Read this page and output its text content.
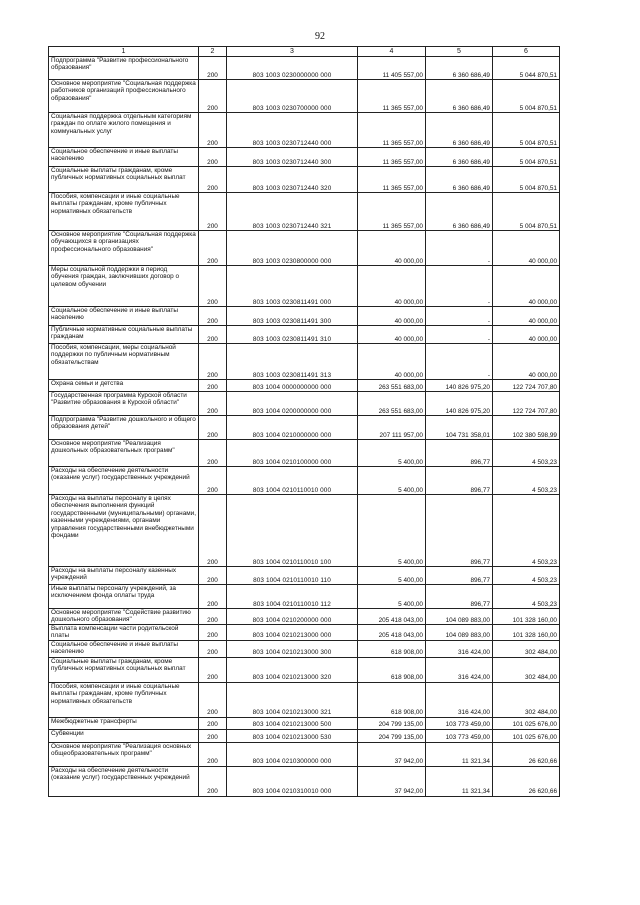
92
1	2	3	4	5	6
Подпрограмма "Развитие профессионального образования"	200	803 1003 0230000000 000	11 405 557,00	6 360 686,49	5 044 870,51
Основное мероприятие "Социальная поддержка работников организаций профессионального образования"	200	803 1003 0230700000 000	11 365 557,00	6 360 686,49	5 004 870,51
Социальная поддержка отдельным категориям граждан по оплате жилого помещения и коммунальных услуг	200	803 1003 0230712440 000	11 365 557,00	6 360 686,49	5 004 870,51
Социальное обеспечение и иные выплаты населению	200	803 1003 0230712440 300	11 365 557,00	6 360 686,49	5 004 870,51
Социальные выплаты гражданам, кроме публичных нормативных социальных выплат	200	803 1003 0230712440 320	11 365 557,00	6 360 686,49	5 004 870,51
Пособия, компенсации и иные социальные выплаты гражданам, кроме публичных нормативных обязательств	200	803 1003 0230712440 321	11 365 557,00	6 360 686,49	5 004 870,51
Основное мероприятие "Социальная поддержка обучающихся в организациях профессионального образования"	200	803 1003 0230800000 000	40 000,00	-	40 000,00
Меры социальной поддержки в период обучения граждан, заключивших договор о целевом обучении	200	803 1003 0230811491 000	40 000,00	-	40 000,00
Социальное обеспечение и иные выплаты населению	200	803 1003 0230811491 300	40 000,00	-	40 000,00
Публичные нормативные социальные выплаты гражданам	200	803 1003 0230811491 310	40 000,00	-	40 000,00
Пособия, компенсации, меры социальной поддержки по публичным нормативным обязательствам	200	803 1003 0230811491 313	40 000,00	-	40 000,00
Охрана семьи и детства	200	803 1004 0000000000 000	263 551 683,00	140 826 975,20	122 724 707,80
Государственная программа Курской области "Развитие образования в Курской области"	200	803 1004 0200000000 000	263 551 683,00	140 826 975,20	122 724 707,80
Подпрограмма "Развитие дошкольного и общего образования детей"	200	803 1004 0210000000 000	207 111 957,00	104 731 358,01	102 380 598,99
Основное мероприятие "Реализация дошкольных образовательных программ"	200	803 1004 0210100000 000	5 400,00	896,77	4 503,23
Расходы на обеспечение деятельности (оказание услуг) государственных учреждений	200	803 1004 0210110010 000	5 400,00	896,77	4 503,23
Расходы на выплаты персоналу в целях обеспечения выполнения функций государственными (муниципальными) органами, казенными учреждениями, органами управления государственными внебюджетными фондами	200	803 1004 0210110010 100	5 400,00	896,77	4 503,23
Расходы на выплаты персоналу казенных учреждений	200	803 1004 0210110010 110	5 400,00	896,77	4 503,23
Иные выплаты персоналу учреждений, за исключением фонда оплаты труда	200	803 1004 0210110010 112	5 400,00	896,77	4 503,23
Основное мероприятие "Содействие развитию дошкольного образования"	200	803 1004 0210200000 000	205 418 043,00	104 089 883,00	101 328 160,00
Выплата компенсации части родительской платы	200	803 1004 0210213000 000	205 418 043,00	104 089 883,00	101 328 160,00
Социальное обеспечение и иные выплаты населению	200	803 1004 0210213000 300	618 908,00	316 424,00	302 484,00
Социальные выплаты гражданам, кроме публичных нормативных социальных выплат	200	803 1004 0210213000 320	618 908,00	316 424,00	302 484,00
Пособия, компенсации и иные социальные выплаты гражданам, кроме публичных нормативных обязательств	200	803 1004 0210213000 321	618 908,00	316 424,00	302 484,00
Межбюджетные трансферты	200	803 1004 0210213000 500	204 799 135,00	103 773 459,00	101 025 676,00
Субвенции	200	803 1004 0210213000 530	204 799 135,00	103 773 459,00	101 025 676,00
Основное мероприятие "Реализация основных общеобразовательных программ"	200	803 1004 0210300000 000	37 942,00	11 321,34	26 620,66
Расходы на обеспечение деятельности (оказание услуг) государственных учреждений	200	803 1004 0210310010 000	37 942,00	11 321,34	26 620,66
